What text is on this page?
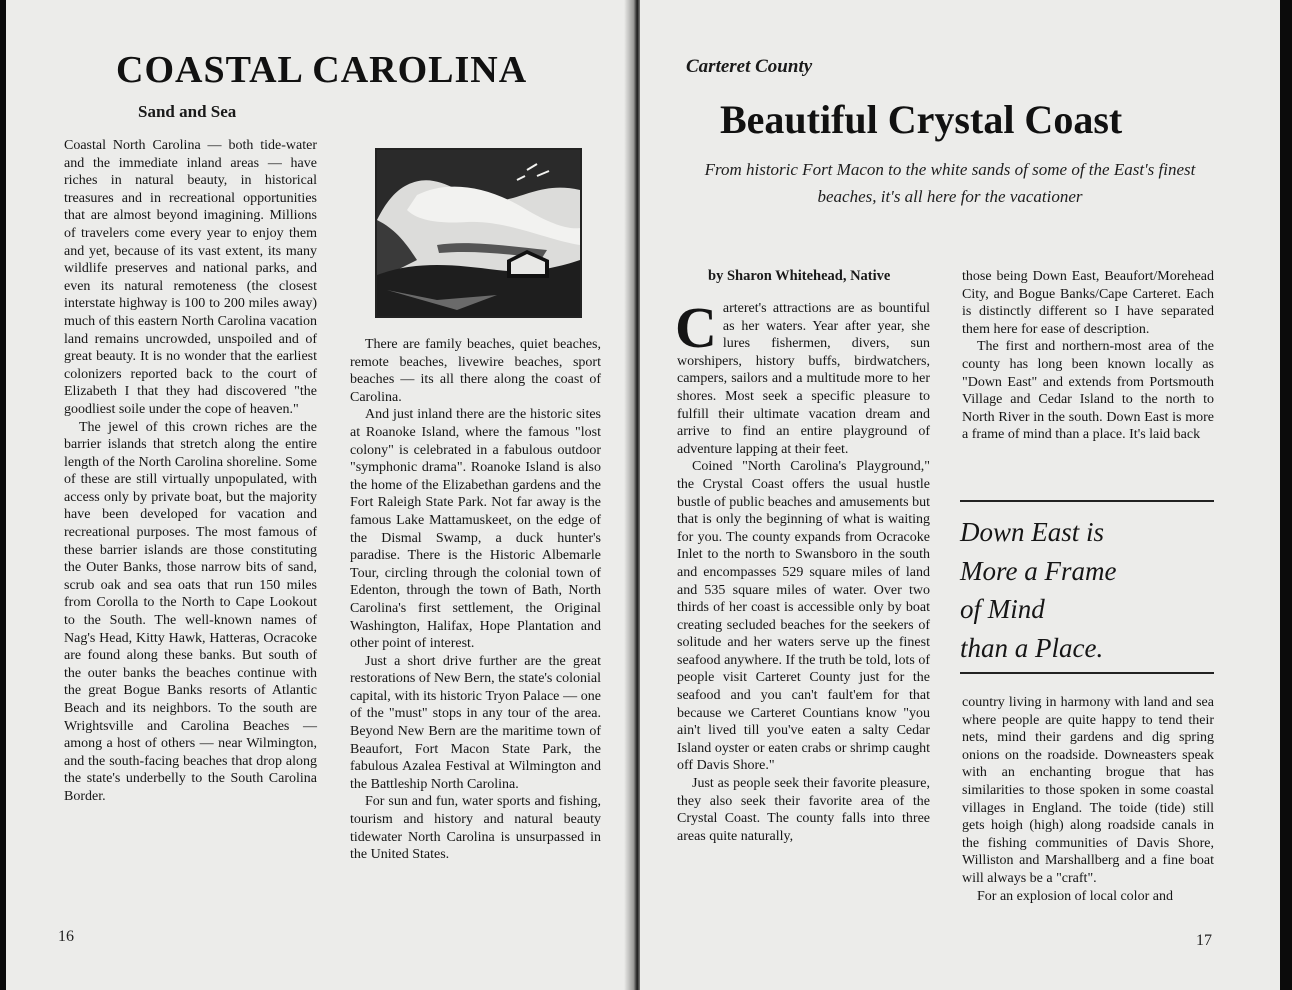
COASTAL CAROLINA
Sand and Sea

Coastal North Carolina — both tide-water and the immediate inland areas — have riches in natural beauty, in historical treasures and in recreational opportunities that are almost beyond imagining. Millions of travelers come every year to enjoy them and yet, because of its vast extent, its many wildlife preserves and national parks, and even its natural remoteness (the closest interstate highway is 100 to 200 miles away) much of this eastern North Carolina vacation land remains uncrowded, unspoiled and of great beauty. It is no wonder that the earliest colonizers reported back to the court of Elizabeth I that they had discovered "the goodliest soile under the cope of heaven."

The jewel of this crown riches are the barrier islands that stretch along the entire length of the North Carolina shoreline. Some of these are still virtually unpopulated, with access only by private boat, but the majority have been developed for vacation and recreational purposes. The most famous of these barrier islands are those constituting the Outer Banks, those narrow bits of sand, scrub oak and sea oats that run 150 miles from Corolla to the North to Cape Lookout to the South. The well-known names of Nag's Head, Kitty Hawk, Hatteras, Ocracoke are found along these banks. But south of the outer banks the beaches continue with the great Bogue Banks resorts of Atlantic Beach and its neighbors. To the south are Wrightsville and Carolina Beaches — among a host of others — near Wilmington, and the south-facing beaches that drop along the state's underbelly to the South Carolina Border.

There are family beaches, quiet beaches, remote beaches, livewire beaches, sport beaches — its all there along the coast of Carolina.

And just inland there are the historic sites at Roanoke Island, where the famous "lost colony" is celebrated in a fabulous outdoor "symphonic drama". Roanoke Island is also the home of the Elizabethan gardens and the Fort Raleigh State Park. Not far away is the famous Lake Mattamuskeet, on the edge of the Dismal Swamp, a duck hunter's paradise. There is the Historic Albemarle Tour, circling through the colonial town of Edenton, through the town of Bath, North Carolina's first settlement, the Original Washington, Halifax, Hope Plantation and other point of interest.

Just a short drive further are the great restorations of New Bern, the state's colonial capital, with its historic Tryon Palace — one of the "must" stops in any tour of the area. Beyond New Bern are the maritime town of Beaufort, Fort Macon State Park, the fabulous Azalea Festival at Wilmington and the Battleship North Carolina.

For sun and fun, water sports and fishing, tourism and history and natural beauty tidewater North Carolina is unsurpassed in the United States.

16
Carteret County
Beautiful Crystal Coast
From historic Fort Macon to the white sands of some of the East's finest beaches, it's all here for the vacationer
by Sharon Whitehead, Native

Carteret's attractions are as bountiful as her waters. Year after year, she lures fishermen, divers, sun worshipers, history buffs, birdwatchers, campers, sailors and a multitude more to her shores. Most seek a specific pleasure to fulfill their ultimate vacation dream and arrive to find an entire playground of adventure lapping at their feet.

Coined "North Carolina's Playground," the Crystal Coast offers the usual hustle bustle of public beaches and amusements but that is only the beginning of what is waiting for you. The county expands from Ocracoke Inlet to the north to Swansboro in the south and encompasses 529 square miles of land and 535 square miles of water. Over two thirds of her coast is accessible only by boat creating secluded beaches for the seekers of solitude and her waters serve up the finest seafood anywhere. If the truth be told, lots of people visit Carteret County just for the seafood and you can't fault'em for that because we Carteret Countians know "you ain't lived till you've eaten a salty Cedar Island oyster or eaten crabs or shrimp caught off Davis Shore."

Just as people seek their favorite pleasure, they also seek their favorite area of the Crystal Coast. The county falls into three areas quite naturally,

those being Down East, Beaufort/Morehead City, and Bogue Banks/Cape Carteret. Each is distinctly different so I have separated them here for ease of description.

The first and northern-most area of the county has long been known locally as "Down East" and extends from Portsmouth Village and Cedar Island to the north to North River in the south. Down East is more a frame of mind than a place. It's laid back

Down East is
More a Frame
of Mind
than a Place.

country living in harmony with land and sea where people are quite happy to tend their nets, mind their gardens and dig spring onions on the roadside. Downeasters speak with an enchanting brogue that has similarities to those spoken in some coastal villages in England. The toide (tide) still gets hoigh (high) along roadside canals in the fishing communities of Davis Shore, Williston and Marshallberg and a fine boat will always be a "craft".

For an explosion of local color and

17
